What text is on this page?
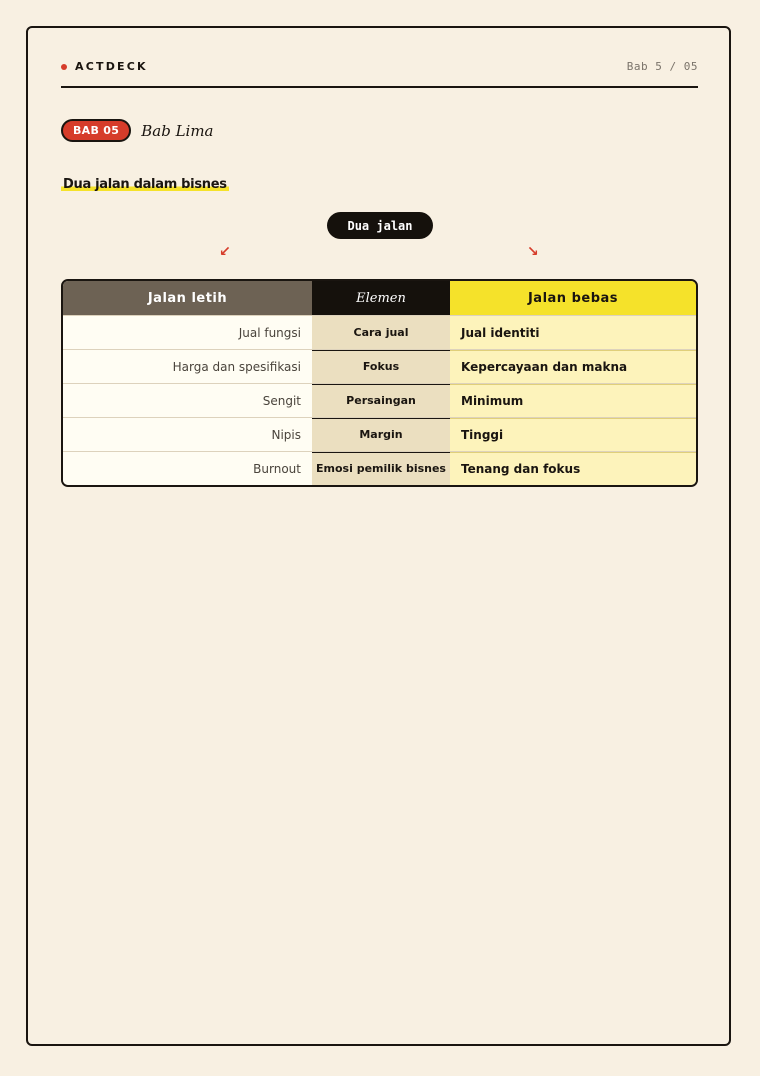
ACTDECK	Bab 5 / 05
BAB 05	Bab Lima
Dua jalan dalam bisnes
Dua jalan
↙	↘
Jalan letih	Elemen	Jalan bebas
Jual fungsi	Cara jual	Jual identiti
Harga dan spesifikasi	Fokus	Kepercayaan dan makna
Sengit	Persaingan	Minimum
Nipis	Margin	Tinggi
Burnout	Emosi pemilik bisnes	Tenang dan fokus
